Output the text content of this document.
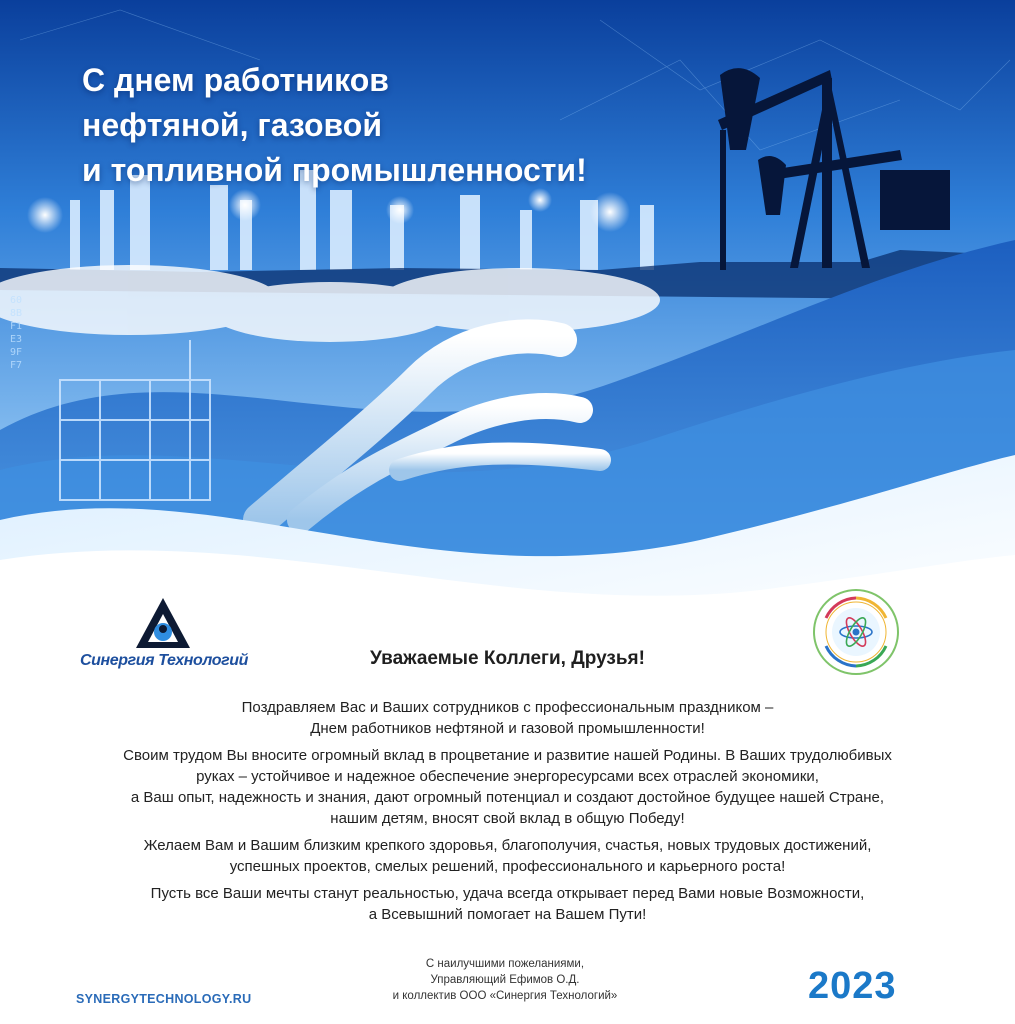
С днем работников
нефтяной, газовой
и топливной промышленности!
60
8B
F1
E3
9F
F7
Синергия Технологий	Уважаемые Коллеги, Друзья!

Поздравляем Вас и Ваших сотрудников с профессиональным праздником –
Днем работников нефтяной и газовой промышленности!

Своим трудом Вы вносите огромный вклад в процветание и развитие нашей Родины. В Ваших трудолюбивых
руках – устойчивое и надежное обеспечение энергоресурсами всех отраслей экономики,
а Ваш опыт, надежность и знания, дают огромный потенциал и создают достойное будущее нашей Стране,
нашим детям, вносят свой вклад в общую Победу!

Желаем Вам и Вашим близким крепкого здоровья, благополучия, счастья, новых трудовых достижений,
успешных проектов, смелых решений, профессионального и карьерного роста!

Пусть все Ваши мечты станут реальностью, удача всегда открывает перед Вами новые Возможности,
а Всевышний помогает на Вашем Пути!

С наилучшими пожеланиями,
Управляющий Ефимов О.Д.
и коллектив ООО «Синергия Технологий»
SYNERGYTECHNOLOGY.RU	2023
